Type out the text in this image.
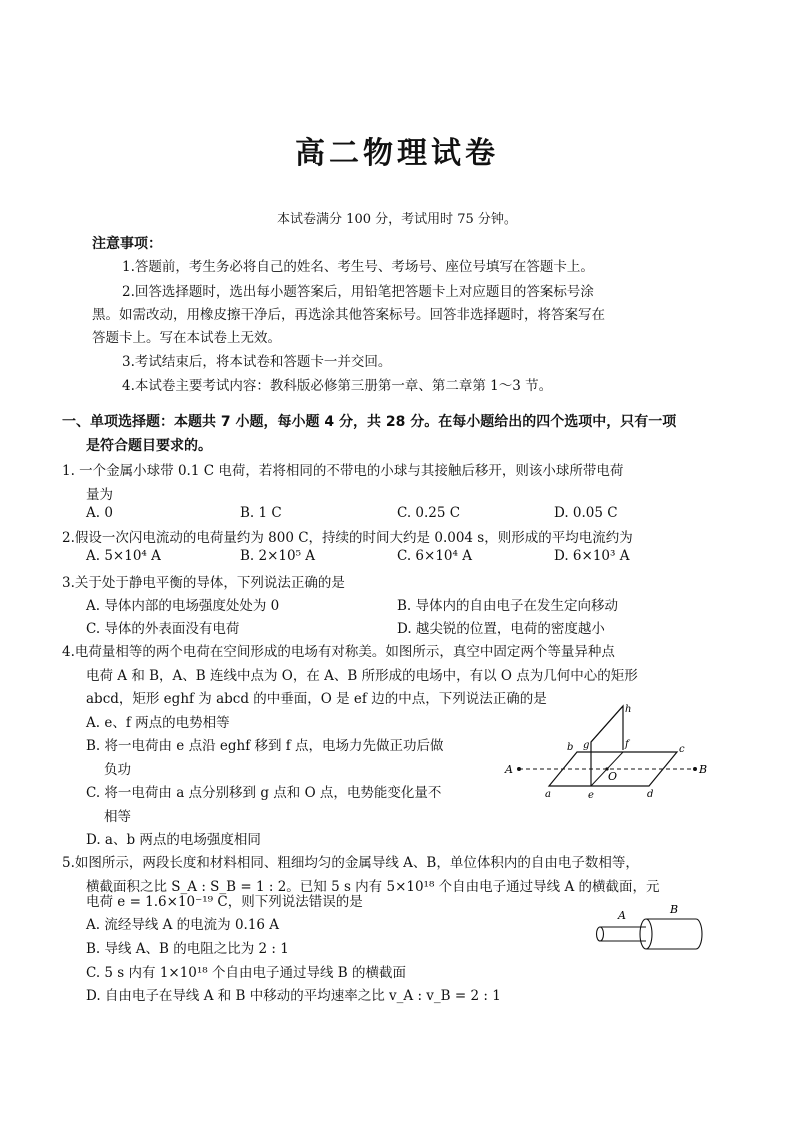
高二物理试卷
本试卷满分 100 分，考试用时 75 分钟。
注意事项：
1.答题前，考生务必将自己的姓名、考生号、考场号、座位号填写在答题卡上。
2.回答选择题时，选出每小题答案后，用铅笔把答题卡上对应题目的答案标号涂
黑。如需改动，用橡皮擦干净后，再选涂其他答案标号。回答非选择题时，将答案写在
答题卡上。写在本试卷上无效。
3.考试结束后，将本试卷和答题卡一并交回。
4.本试卷主要考试内容：教科版必修第三册第一章、第二章第 1～3 节。
一、单项选择题：本题共 7 小题，每小题 4 分，共 28 分。在每小题给出的四个选项中，只有一项
是符合题目要求的。
1. 一个金属小球带 0.1 C 电荷，若将相同的不带电的小球与其接触后移开，则该小球所带电荷
量为
A. 0	B. 1 C	C. 0.25 C	D. 0.05 C
2.假设一次闪电流动的电荷量约为 800 C，持续的时间大约是 0.004 s，则形成的平均电流约为
A. 5×10⁴ A	B. 2×10⁵ A	C. 6×10⁴ A	D. 6×10³ A
3.关于处于静电平衡的导体，下列说法正确的是
A. 导体内部的电场强度处处为 0	B. 导体内的自由电子在发生定向移动
C. 导体的外表面没有电荷	D. 越尖锐的位置，电荷的密度越小
4.电荷量相等的两个电荷在空间形成的电场有对称美。如图所示，真空中固定两个等量异种点
电荷 A 和 B，A、B 连线中点为 O，在 A、B 所形成的电场中，有以 O 点为几何中心的矩形
abcd，矩形 eghf 为 abcd 的中垂面，O 是 ef 边的中点，下列说法正确的是
A. e、f 两点的电势相等
B. 将一电荷由 e 点沿 eghf 移到 f 点，电场力先做正功后做
负功
C. 将一电荷由 a 点分别移到 g 点和 O 点，电势能变化量不
相等
D. a、b 两点的电场强度相同
A	B
O
a
b	c
d
e
f
g
h
5.如图所示，两段长度和材料相同、粗细均匀的金属导线 A、B，单位体积内的自由电子数相等，
横截面积之比 S_A : S_B = 1 : 2。已知 5 s 内有 5×10¹⁸ 个自由电子通过导线 A 的横截面，元
电荷 e = 1.6×10⁻¹⁹ C，则下列说法错误的是
A. 流经导线 A 的电流为 0.16 A
B. 导线 A、B 的电阻之比为 2 : 1
C. 5 s 内有 1×10¹⁸ 个自由电子通过导线 B 的横截面
D. 自由电子在导线 A 和 B 中移动的平均速率之比 v_A : v_B = 2 : 1
A	B
